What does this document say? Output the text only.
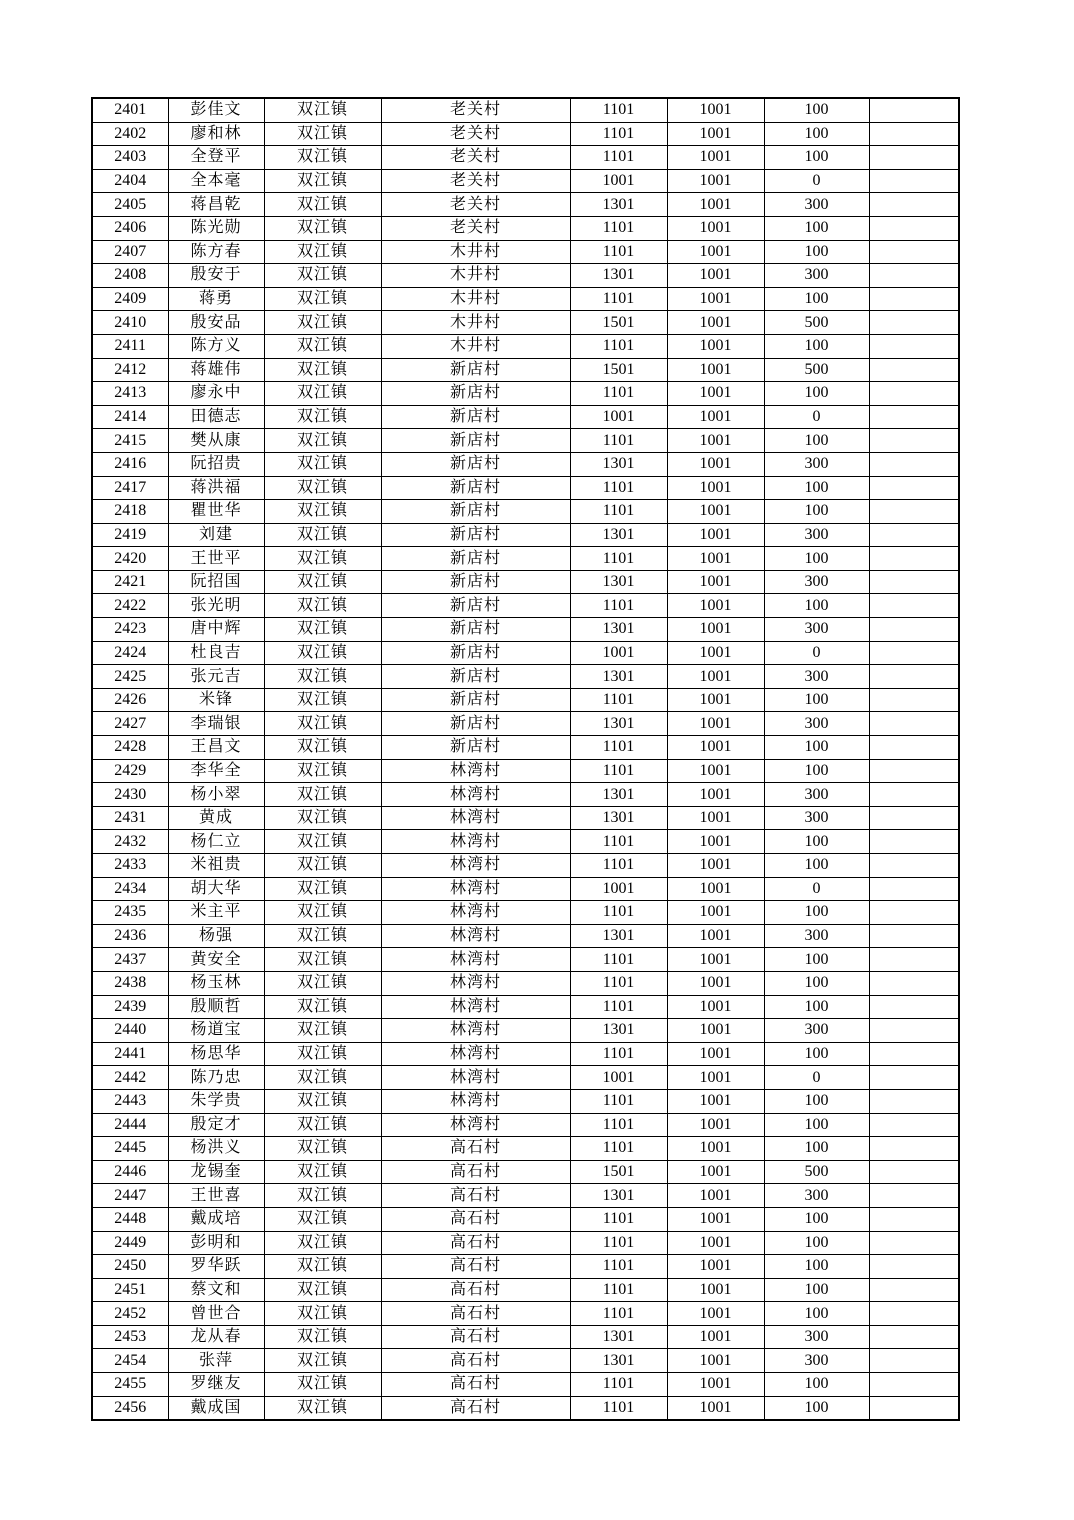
2401	彭佳文	双江镇	老关村	1101	1001	100	
2402	廖和林	双江镇	老关村	1101	1001	100	
2403	全登平	双江镇	老关村	1101	1001	100	
2404	全本毫	双江镇	老关村	1001	1001	0	
2405	蒋昌乾	双江镇	老关村	1301	1001	300	
2406	陈光勋	双江镇	老关村	1101	1001	100	
2407	陈方春	双江镇	木井村	1101	1001	100	
2408	殷安于	双江镇	木井村	1301	1001	300	
2409	蒋勇	双江镇	木井村	1101	1001	100	
2410	殷安品	双江镇	木井村	1501	1001	500	
2411	陈方义	双江镇	木井村	1101	1001	100	
2412	蒋雄伟	双江镇	新店村	1501	1001	500	
2413	廖永中	双江镇	新店村	1101	1001	100	
2414	田德志	双江镇	新店村	1001	1001	0	
2415	樊从康	双江镇	新店村	1101	1001	100	
2416	阮招贵	双江镇	新店村	1301	1001	300	
2417	蒋洪福	双江镇	新店村	1101	1001	100	
2418	瞿世华	双江镇	新店村	1101	1001	100	
2419	刘建	双江镇	新店村	1301	1001	300	
2420	王世平	双江镇	新店村	1101	1001	100	
2421	阮招国	双江镇	新店村	1301	1001	300	
2422	张光明	双江镇	新店村	1101	1001	100	
2423	唐中辉	双江镇	新店村	1301	1001	300	
2424	杜良吉	双江镇	新店村	1001	1001	0	
2425	张元吉	双江镇	新店村	1301	1001	300	
2426	米锋	双江镇	新店村	1101	1001	100	
2427	李瑞银	双江镇	新店村	1301	1001	300	
2428	王昌文	双江镇	新店村	1101	1001	100	
2429	李华全	双江镇	林湾村	1101	1001	100	
2430	杨小翠	双江镇	林湾村	1301	1001	300	
2431	黄成	双江镇	林湾村	1301	1001	300	
2432	杨仁立	双江镇	林湾村	1101	1001	100	
2433	米祖贵	双江镇	林湾村	1101	1001	100	
2434	胡大华	双江镇	林湾村	1001	1001	0	
2435	米主平	双江镇	林湾村	1101	1001	100	
2436	杨强	双江镇	林湾村	1301	1001	300	
2437	黄安全	双江镇	林湾村	1101	1001	100	
2438	杨玉林	双江镇	林湾村	1101	1001	100	
2439	殷顺哲	双江镇	林湾村	1101	1001	100	
2440	杨道宝	双江镇	林湾村	1301	1001	300	
2441	杨思华	双江镇	林湾村	1101	1001	100	
2442	陈乃忠	双江镇	林湾村	1001	1001	0	
2443	朱学贵	双江镇	林湾村	1101	1001	100	
2444	殷定才	双江镇	林湾村	1101	1001	100	
2445	杨洪义	双江镇	高石村	1101	1001	100	
2446	龙锡奎	双江镇	高石村	1501	1001	500	
2447	王世喜	双江镇	高石村	1301	1001	300	
2448	戴成培	双江镇	高石村	1101	1001	100	
2449	彭明和	双江镇	高石村	1101	1001	100	
2450	罗华跃	双江镇	高石村	1101	1001	100	
2451	蔡文和	双江镇	高石村	1101	1001	100	
2452	曾世合	双江镇	高石村	1101	1001	100	
2453	龙从春	双江镇	高石村	1301	1001	300	
2454	张萍	双江镇	高石村	1301	1001	300	
2455	罗继友	双江镇	高石村	1101	1001	100	
2456	戴成国	双江镇	高石村	1101	1001	100	
